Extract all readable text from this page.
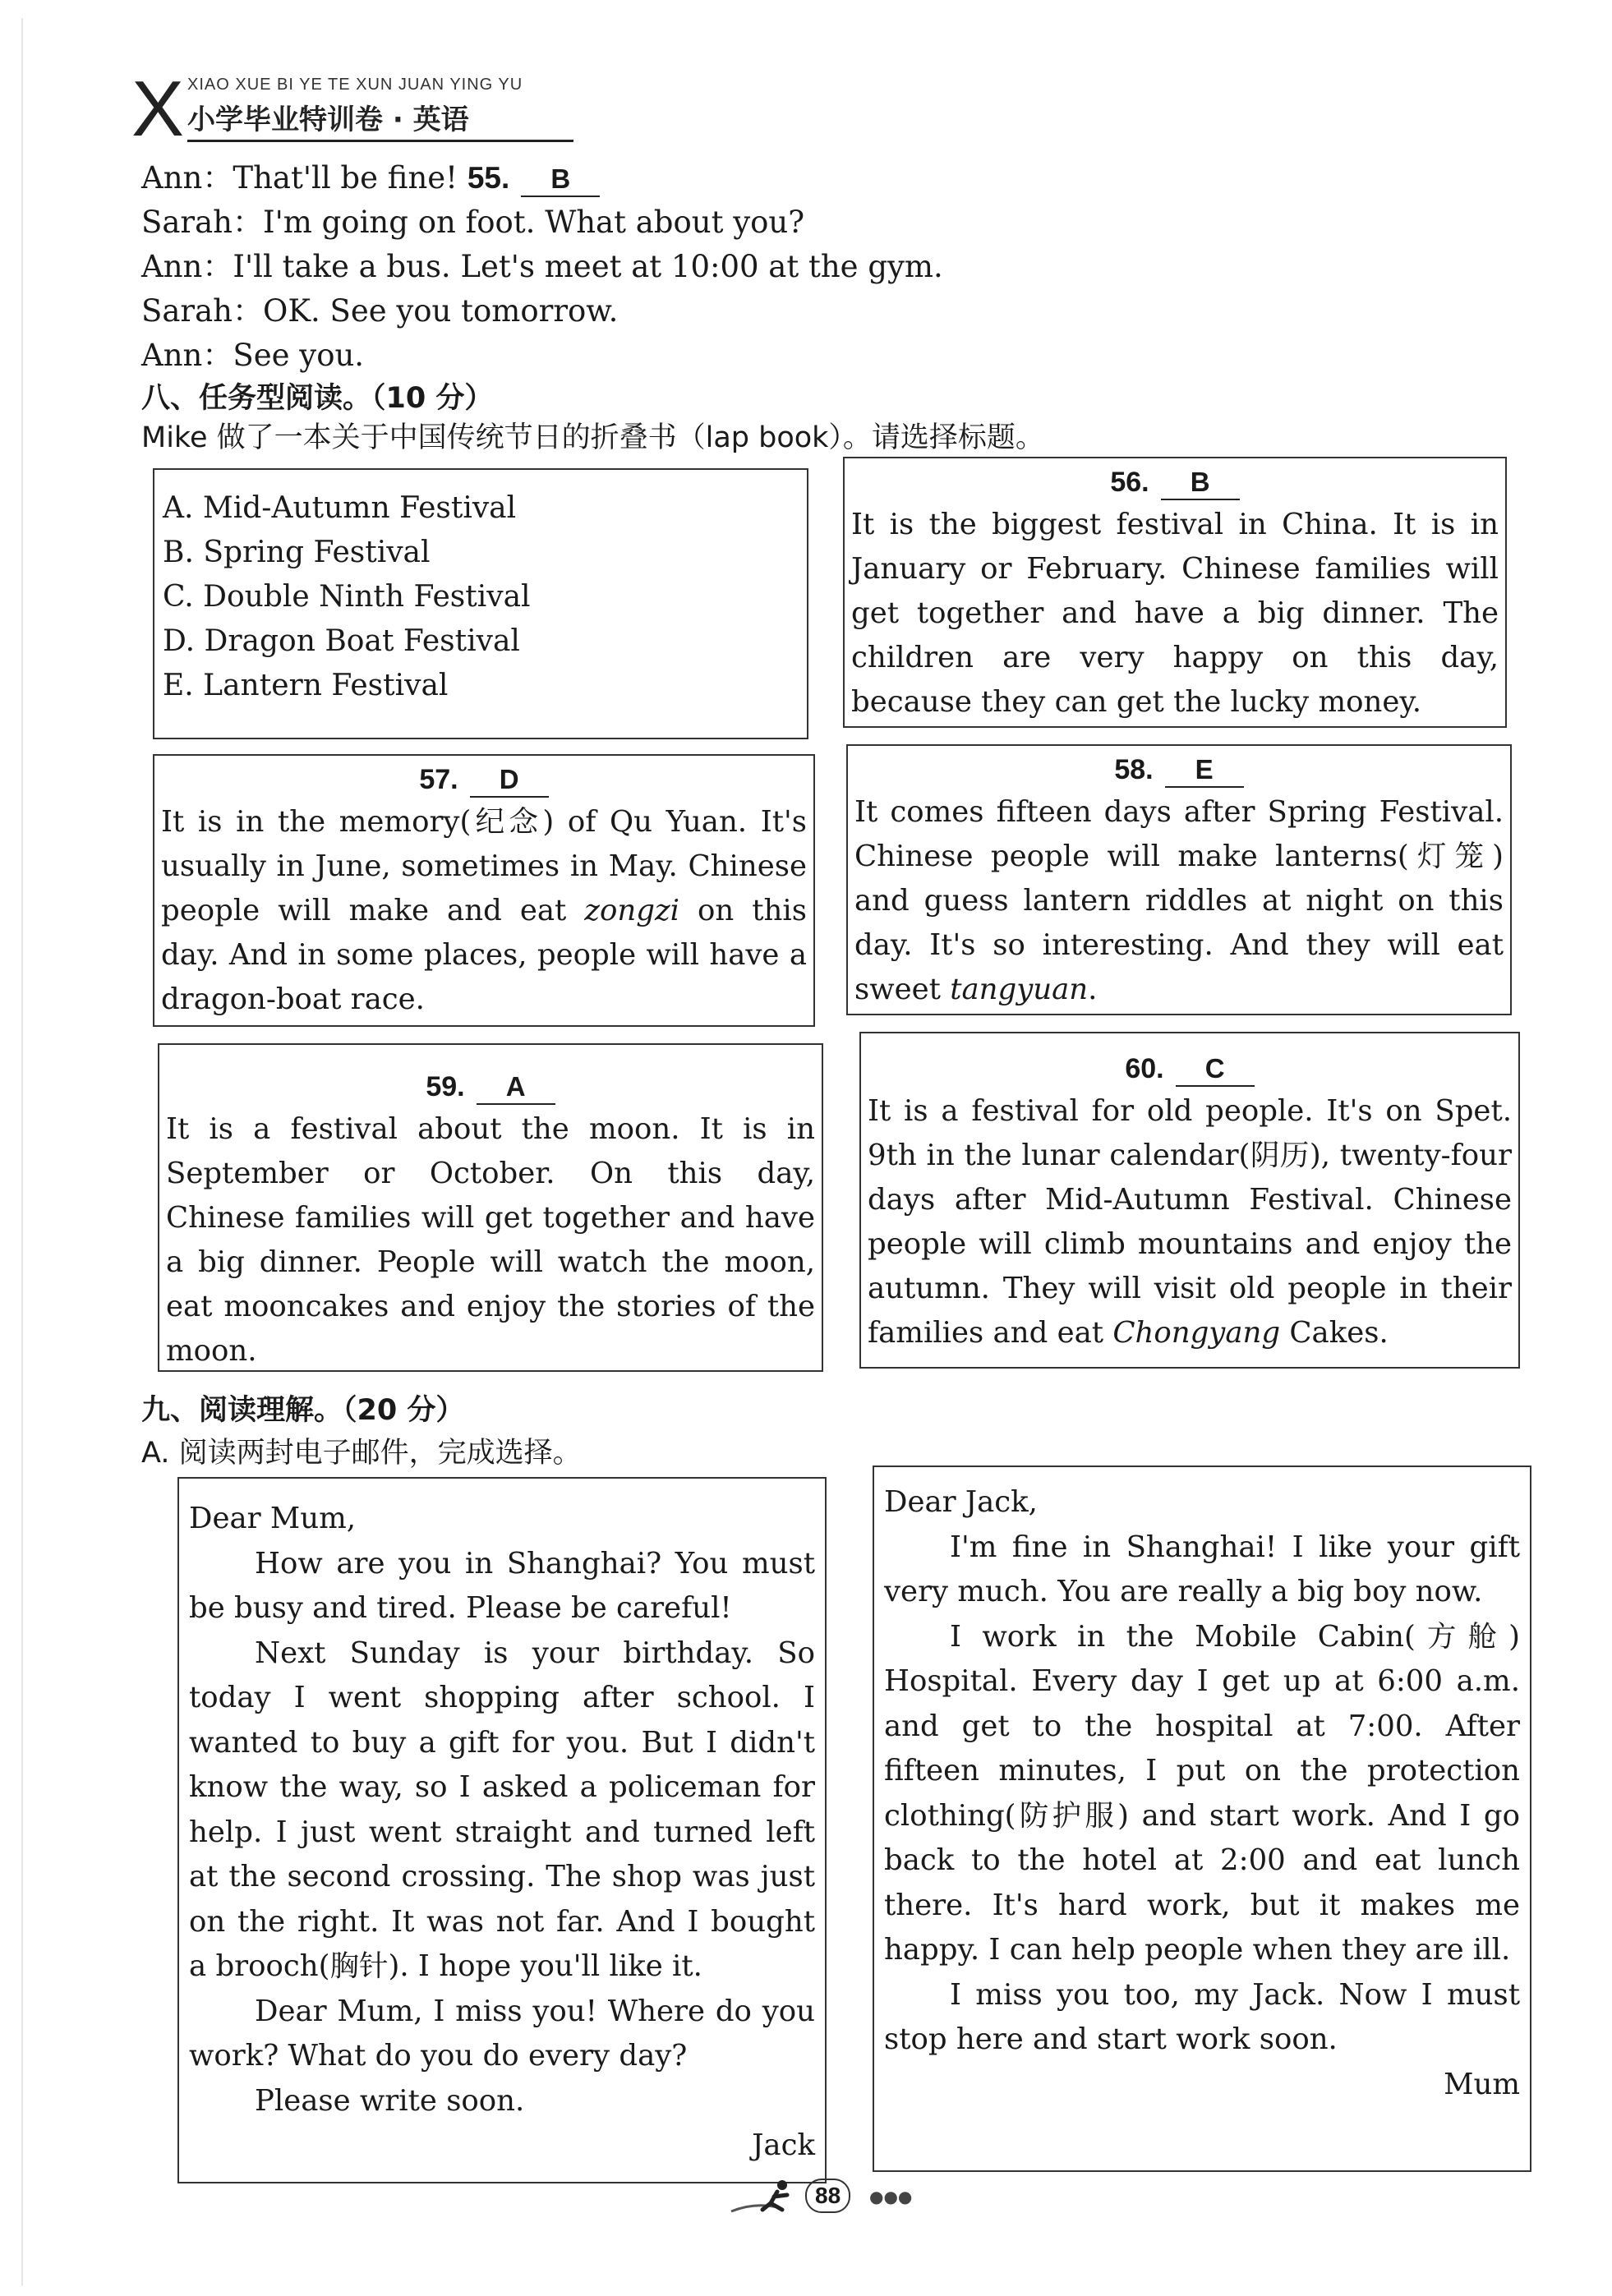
X XIAO XUE BI YE TE XUN JUAN YING YU
小学毕业特训卷 · 英语
Ann：That'll be fine! 55. B
Sarah：I'm going on foot. What about you?
Ann：I'll take a bus. Let's meet at 10:00 at the gym.
Sarah：OK. See you tomorrow.
Ann：See you.
八、任务型阅读。（10 分）
Mike 做了一本关于中国传统节日的折叠书（lap book）。请选择标题。
A. Mid-Autumn Festival
B. Spring Festival
C. Double Ninth Festival
D. Dragon Boat Festival
E. Lantern Festival
56. B
It is the biggest festival in China. It is in January or February. Chinese families will get together and have a big dinner. The children are very happy on this day, because they can get the lucky money.
57. D
It is in the memory(纪念) of Qu Yuan. It's usually in June, sometimes in May. Chinese people will make and eat zongzi on this day. And in some places, people will have a dragon-boat race.
58. E
It comes fifteen days after Spring Festival. Chinese people will make lanterns(灯笼) and guess lantern riddles at night on this day. It's so interesting. And they will eat sweet tangyuan.
59. A
It is a festival about the moon. It is in September or October. On this day, Chinese families will get together and have a big dinner. People will watch the moon, eat mooncakes and enjoy the stories of the moon.
60. C
It is a festival for old people. It's on Spet. 9th in the lunar calendar(阴历), twenty-four days after Mid-Autumn Festival. Chinese people will climb mountains and enjoy the autumn. They will visit old people in their families and eat Chongyang Cakes.
九、阅读理解。（20 分）
A. 阅读两封电子邮件，完成选择。
Dear Mum,
How are you in Shanghai? You must be busy and tired. Please be careful!
Next Sunday is your birthday. So today I went shopping after school. I wanted to buy a gift for you. But I didn't know the way, so I asked a policeman for help. I just went straight and turned left at the second crossing. The shop was just on the right. It was not far. And I bought a brooch(胸针). I hope you'll like it.
Dear Mum, I miss you! Where do you work? What do you do every day?
Please write soon.
Jack
Dear Jack,
I'm fine in Shanghai! I like your gift very much. You are really a big boy now.
I work in the Mobile Cabin(方舱) Hospital. Every day I get up at 6:00 a.m. and get to the hospital at 7:00. After fifteen minutes, I put on the protection clothing(防护服) and start work. And I go back to the hotel at 2:00 and eat lunch there. It's hard work, but it makes me happy. I can help people when they are ill.
I miss you too, my Jack. Now I must stop here and start work soon.
Mum
88	●●●
